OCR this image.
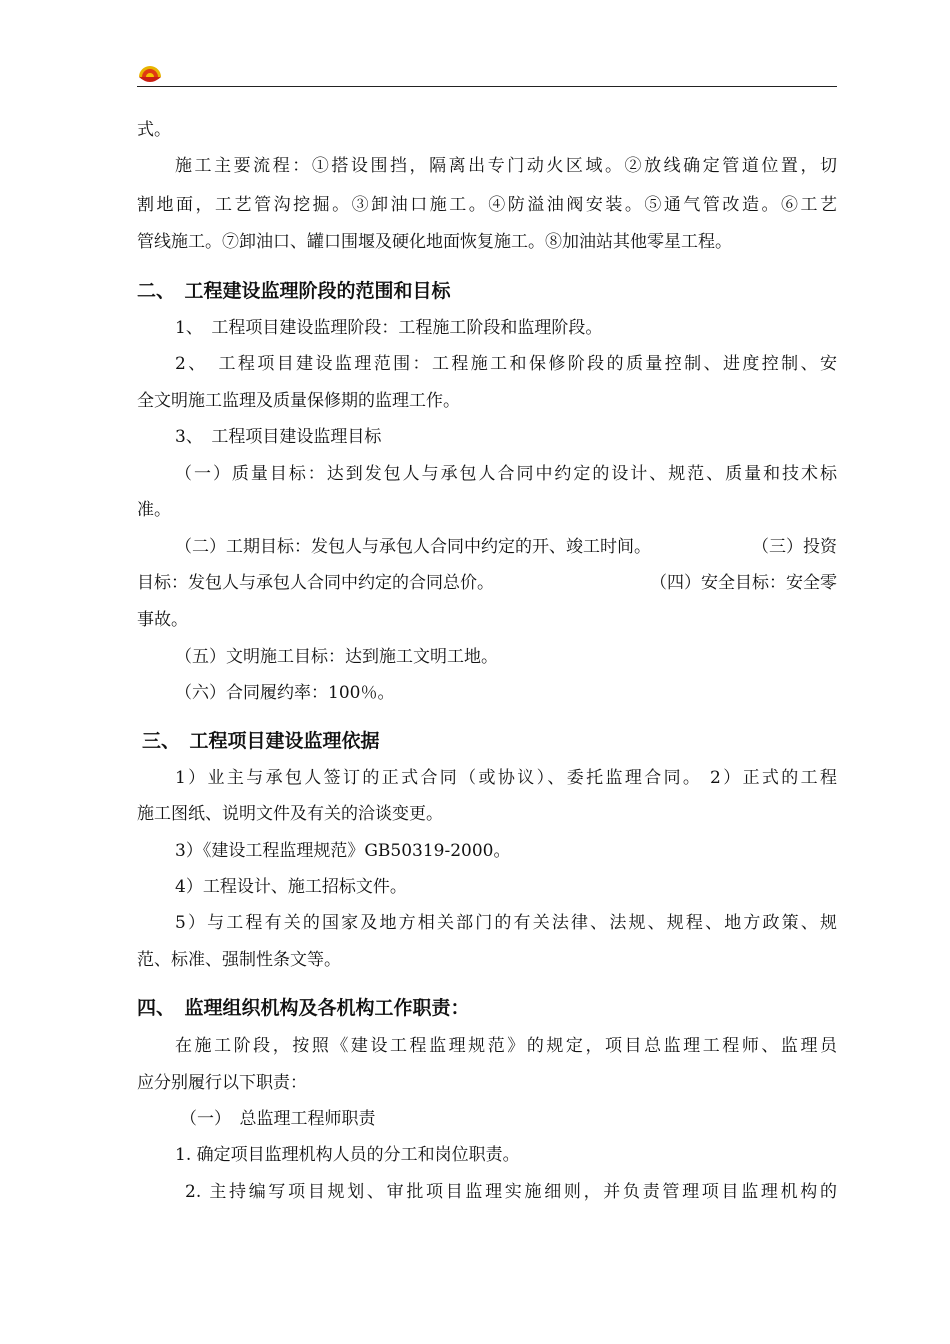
式。
施工主要流程：①搭设围挡，隔离出专门动火区域。②放线确定管道位置，切
割地面，工艺管沟挖掘。③卸油口施工。④防溢油阀安装。⑤通气管改造。⑥工艺
管线施工。⑦卸油口、罐口围堰及硬化地面恢复施工。⑧加油站其他零星工程。
二、　工程建设监理阶段的范围和目标
1、　工程项目建设监理阶段：工程施工阶段和监理阶段。
2、　工程项目建设监理范围：工程施工和保修阶段的质量控制、进度控制、安
全文明施工监理及质量保修期的监理工作。
3、　工程项目建设监理目标
（一）质量目标：达到发包人与承包人合同中约定的设计、规范、质量和技术标
准。
（二）工期目标：发包人与承包人合同中约定的开、竣工时间。	（三）投资
目标：发包人与承包人合同中约定的合同总价。	（四）安全目标：安全零
事故。
（五）文明施工目标：达到施工文明工地。
（六）合同履约率：100％。
三、　工程项目建设监理依据
1）业主与承包人签订的正式合同（或协议）、委托监理合同。 2）正式的工程
施工图纸、说明文件及有关的洽谈变更。
3）《建设工程监理规范》GB50319-2000。
4）工程设计、施工招标文件。
5）与工程有关的国家及地方相关部门的有关法律、法规、规程、地方政策、规
范、标准、强制性条文等。
四、　监理组织机构及各机构工作职责：
在施工阶段，按照《建设工程监理规范》的规定，项目总监理工程师、监理员
应分别履行以下职责：
（一）　总监理工程师职责
1. 确定项目监理机构人员的分工和岗位职责。
2. 主持编写项目规划、审批项目监理实施细则，并负责管理项目监理机构的
